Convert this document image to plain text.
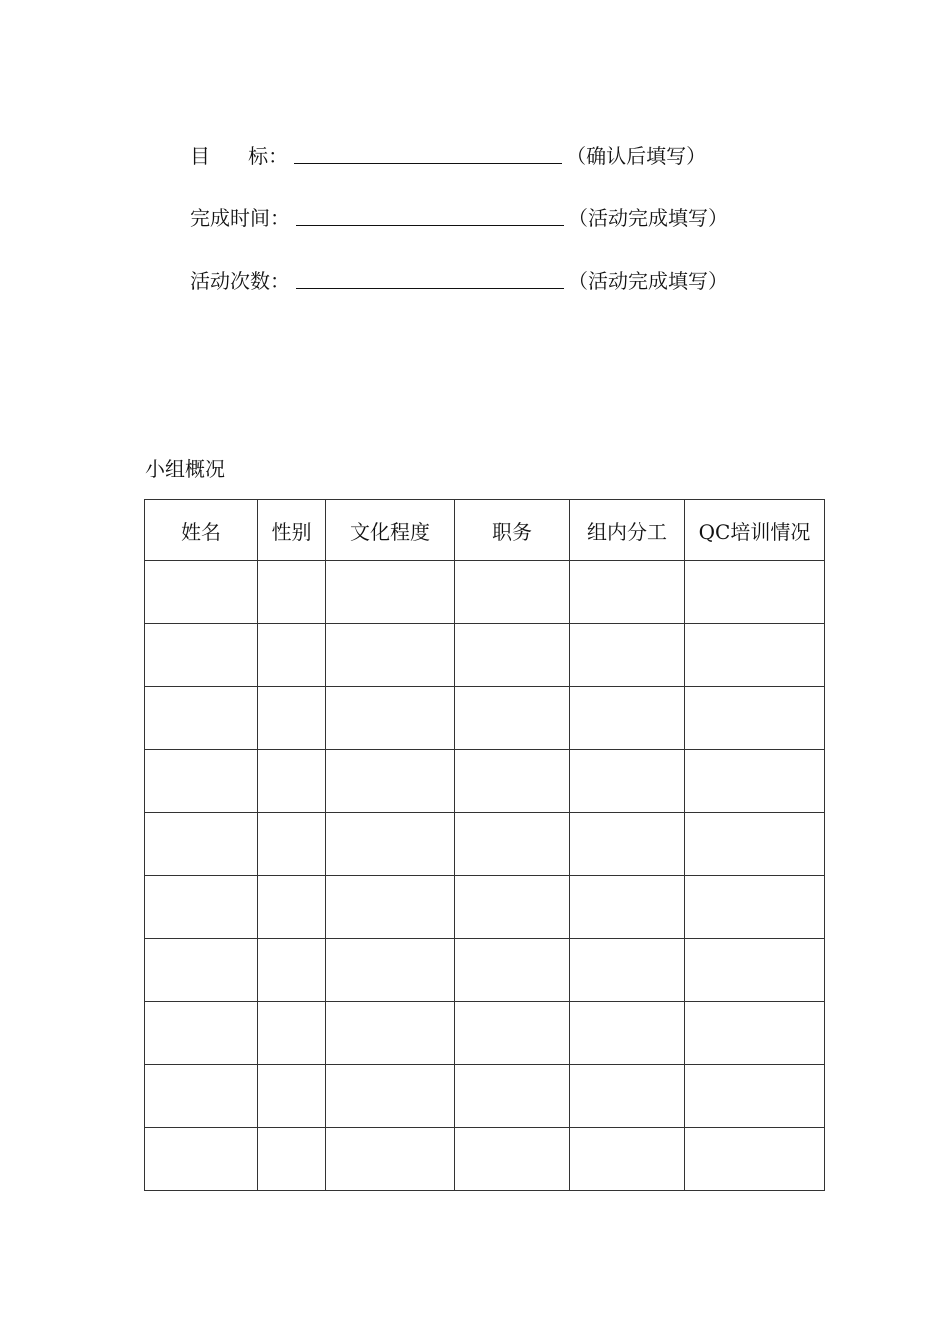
目      标：	（确认后填写）
完成时间：	（活动完成填写）
活动次数：	（活动完成填写）
小组概况
姓名	性别	文化程度	职务	组内分工	QC培训情况
